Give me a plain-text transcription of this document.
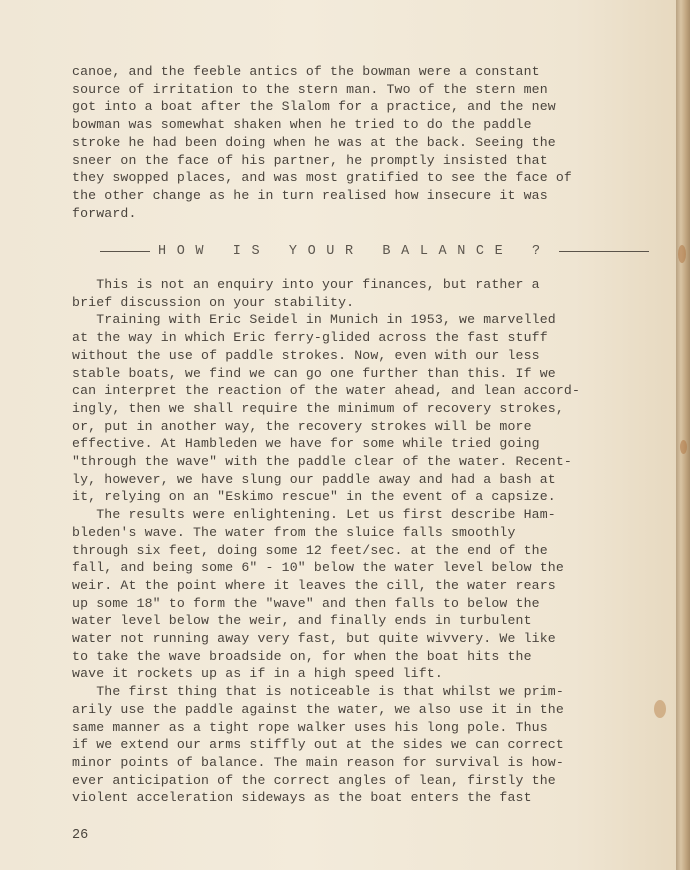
canoe, and the feeble antics of the bowman were a constant
source of irritation to the stern man. Two of the stern men
got into a boat after the Slalom for a practice, and the new
bowman was somewhat shaken when he tried to do the paddle
stroke he had been doing when he was at the back. Seeing the
sneer on the face of his partner, he promptly insisted that
they swopped places, and was most gratified to see the face of
the other change as he in turn realised how insecure it was
forward.
HOW IS YOUR BALANCE ?
This is not an enquiry into your finances, but rather a
brief discussion on your stability.
Training with Eric Seidel in Munich in 1953, we marvelled
at the way in which Eric ferry-glided across the fast stuff
without the use of paddle strokes. Now, even with our less
stable boats, we find we can go one further than this. If we
can interpret the reaction of the water ahead, and lean accord-
ingly, then we shall require the minimum of recovery strokes,
or, put in another way, the recovery strokes will be more
effective. At Hambleden we have for some while tried going
"through the wave" with the paddle clear of the water. Recent-
ly, however, we have slung our paddle away and had a bash at
it, relying on an "Eskimo rescue" in the event of a capsize.
The results were enlightening. Let us first describe Ham-
bleden's wave. The water from the sluice falls smoothly
through six feet, doing some 12 feet/sec. at the end of the
fall, and being some 6" - 10" below the water level below the
weir. At the point where it leaves the cill, the water rears
up some 18" to form the "wave" and then falls to below the
water level below the weir, and finally ends in turbulent
water not running away very fast, but quite wivvery. We like
to take the wave broadside on, for when the boat hits the
wave it rockets up as if in a high speed lift.
The first thing that is noticeable is that whilst we prim-
arily use the paddle against the water, we also use it in the
same manner as a tight rope walker uses his long pole. Thus
if we extend our arms stiffly out at the sides we can correct
minor points of balance. The main reason for survival is how-
ever anticipation of the correct angles of lean, firstly the
violent acceleration sideways as the boat enters the fast
26
